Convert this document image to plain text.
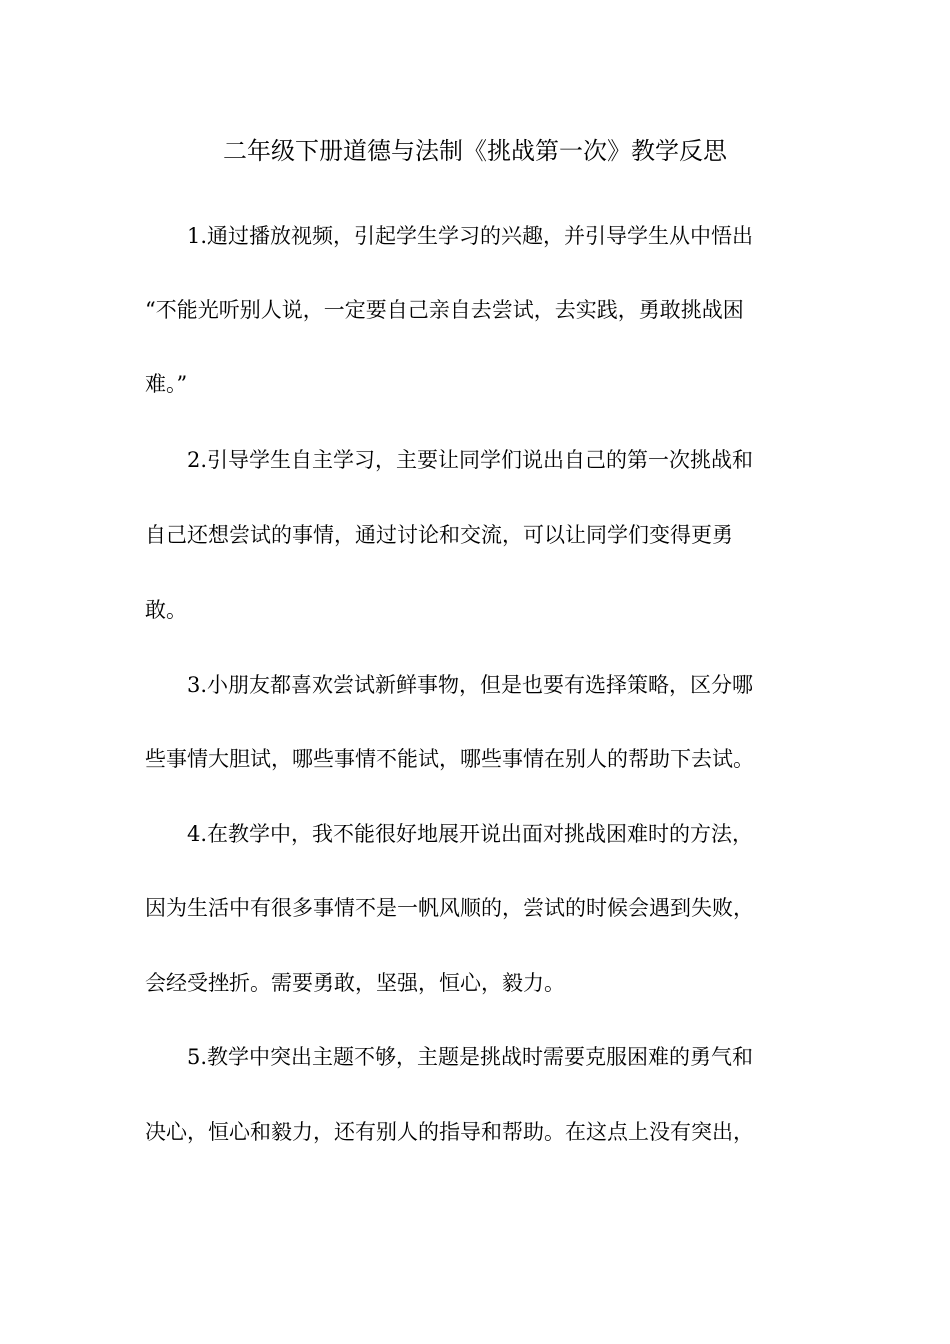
二年级下册道德与法制《挑战第一次》教学反思
1.通过播放视频，引起学生学习的兴趣，并引导学生从中悟出
“不能光听别人说，一定要自己亲自去尝试，去实践，勇敢挑战困
难。”
2.引导学生自主学习，主要让同学们说出自己的第一次挑战和
自己还想尝试的事情，通过讨论和交流，可以让同学们变得更勇
敢。
3.小朋友都喜欢尝试新鲜事物，但是也要有选择策略，区分哪
些事情大胆试，哪些事情不能试，哪些事情在别人的帮助下去试。
4.在教学中，我不能很好地展开说出面对挑战困难时的方法，
因为生活中有很多事情不是一帆风顺的，尝试的时候会遇到失败，
会经受挫折。需要勇敢，坚强，恒心，毅力。
5.教学中突出主题不够，主题是挑战时需要克服困难的勇气和
决心，恒心和毅力，还有别人的指导和帮助。在这点上没有突出，
